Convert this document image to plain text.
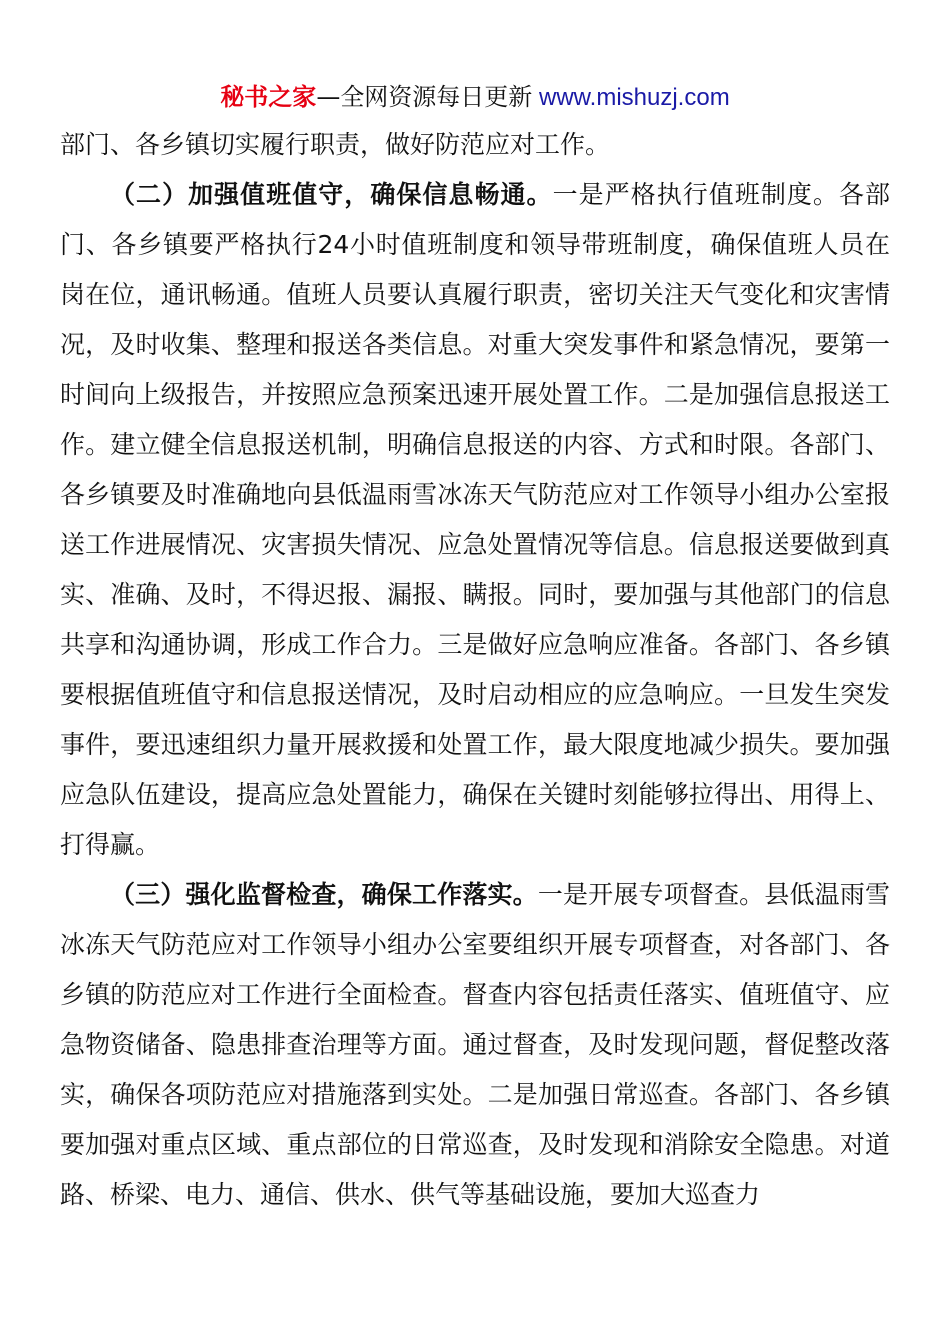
秘书之家—全网资源每日更新 www.mishuzj.com

部门、各乡镇切实履行职责，做好防范应对工作。

（二）加强值班值守，确保信息畅通。一是严格执行值班制度。各部门、各乡镇要严格执行24小时值班制度和领导带班制度，确保值班人员在岗在位，通讯畅通。值班人员要认真履行职责，密切关注天气变化和灾害情况，及时收集、整理和报送各类信息。对重大突发事件和紧急情况，要第一时间向上级报告，并按照应急预案迅速开展处置工作。二是加强信息报送工作。建立健全信息报送机制，明确信息报送的内容、方式和时限。各部门、各乡镇要及时准确地向县低温雨雪冰冻天气防范应对工作领导小组办公室报送工作进展情况、灾害损失情况、应急处置情况等信息。信息报送要做到真实、准确、及时，不得迟报、漏报、瞒报。同时，要加强与其他部门的信息共享和沟通协调，形成工作合力。三是做好应急响应准备。各部门、各乡镇要根据值班值守和信息报送情况，及时启动相应的应急响应。一旦发生突发事件，要迅速组织力量开展救援和处置工作，最大限度地减少损失。要加强应急队伍建设，提高应急处置能力，确保在关键时刻能够拉得出、用得上、打得赢。

（三）强化监督检查，确保工作落实。一是开展专项督查。县低温雨雪冰冻天气防范应对工作领导小组办公室要组织开展专项督查，对各部门、各乡镇的防范应对工作进行全面检查。督查内容包括责任落实、值班值守、应急物资储备、隐患排查治理等方面。通过督查，及时发现问题，督促整改落实，确保各项防范应对措施落到实处。二是加强日常巡查。各部门、各乡镇要加强对重点区域、重点部位的日常巡查，及时发现和消除安全隐患。对道路、桥梁、电力、通信、供水、供气等基础设施，要加大巡查力
